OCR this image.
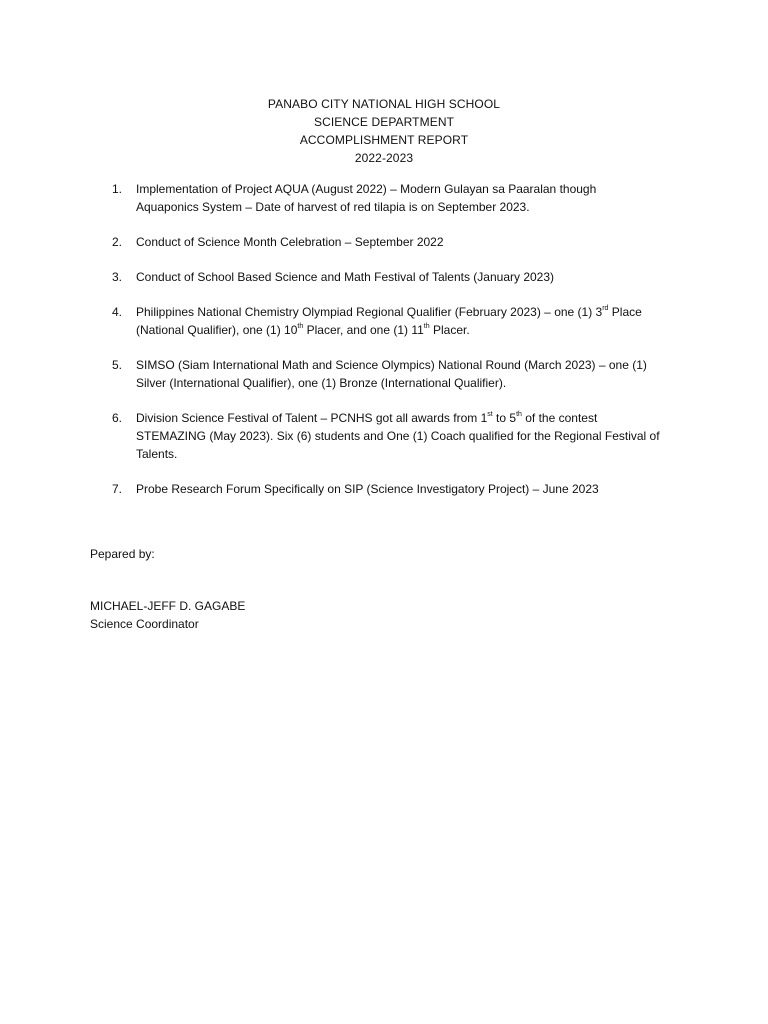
PANABO CITY NATIONAL HIGH SCHOOL
SCIENCE DEPARTMENT
ACCOMPLISHMENT REPORT
2022-2023
1. Implementation of Project AQUA (August 2022) – Modern Gulayan sa Paaralan though
Aquaponics System – Date of harvest of red tilapia is on September 2023.
2. Conduct of Science Month Celebration – September 2022
3. Conduct of School Based Science and Math Festival of Talents (January 2023)
4. Philippines National Chemistry Olympiad Regional Qualifier (February 2023) – one (1) 3rd Place
(National Qualifier), one (1) 10th Placer, and one (1) 11th Placer.
5. SIMSO (Siam International Math and Science Olympics) National Round (March 2023) – one (1)
Silver (International Qualifier), one (1) Bronze (International Qualifier).
6. Division Science Festival of Talent – PCNHS got all awards from 1st to 5th of the contest
STEMAZING (May 2023). Six (6) students and One (1) Coach qualified for the Regional Festival of
Talents.
7. Probe Research Forum Specifically on SIP (Science Investigatory Project) – June 2023
Pepared by:
MICHAEL-JEFF D. GAGABE
Science Coordinator
